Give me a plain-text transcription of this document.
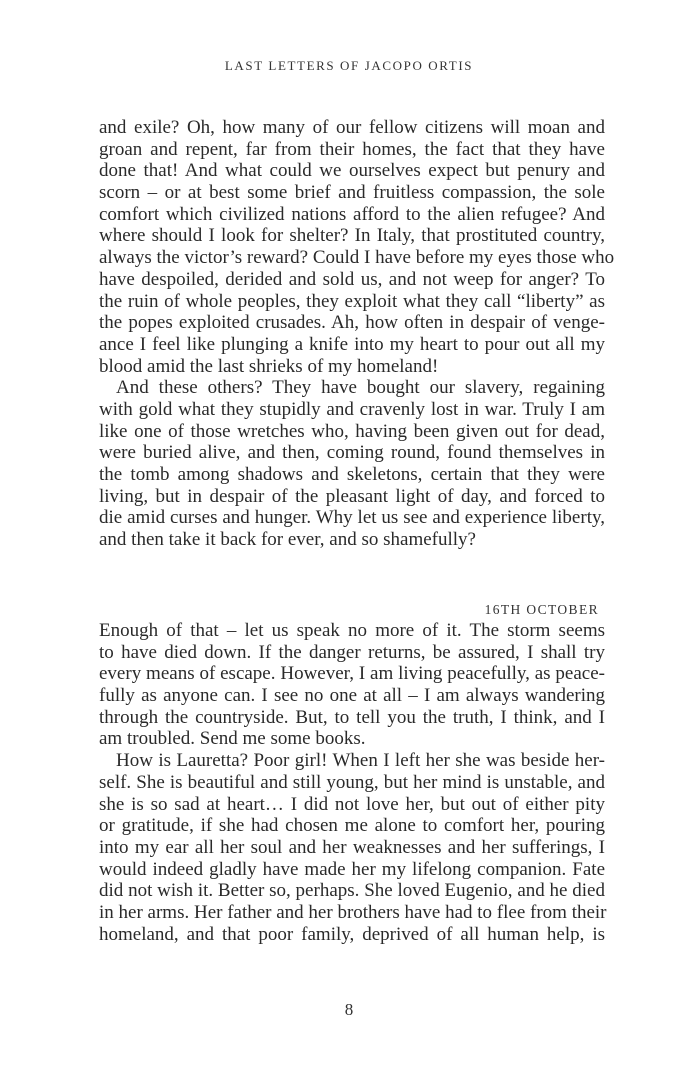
LAST LETTERS OF JACOPO ORTIS
and exile? Oh, how many of our fellow citizens will moan and
groan and repent, far from their homes, the fact that they have
done that! And what could we ourselves expect but penury and
scorn – or at best some brief and fruitless compassion, the sole
comfort which civilized nations afford to the alien refugee? And
where should I look for shelter? In Italy, that prostituted country,
always the victor’s reward? Could I have before my eyes those who
have despoiled, derided and sold us, and not weep for anger? To
the ruin of whole peoples, they exploit what they call “liberty” as
the popes exploited crusades. Ah, how often in despair of venge-
ance I feel like plunging a knife into my heart to pour out all my
blood amid the last shrieks of my homeland!
And these others? They have bought our slavery, regaining
with gold what they stupidly and cravenly lost in war. Truly I am
like one of those wretches who, having been given out for dead,
were buried alive, and then, coming round, found themselves in
the tomb among shadows and skeletons, certain that they were
living, but in despair of the pleasant light of day, and forced to
die amid curses and hunger. Why let us see and experience liberty,
and then take it back for ever, and so shamefully?
16TH OCTOBER
Enough of that – let us speak no more of it. The storm seems
to have died down. If the danger returns, be assured, I shall try
every means of escape. However, I am living peacefully, as peace-
fully as anyone can. I see no one at all – I am always wandering
through the countryside. But, to tell you the truth, I think, and I
am troubled. Send me some books.
How is Lauretta? Poor girl! When I left her she was beside her-
self. She is beautiful and still young, but her mind is unstable, and
she is so sad at heart… I did not love her, but out of either pity
or gratitude, if she had chosen me alone to comfort her, pouring
into my ear all her soul and her weaknesses and her sufferings, I
would indeed gladly have made her my lifelong companion. Fate
did not wish it. Better so, perhaps. She loved Eugenio, and he died
in her arms. Her father and her brothers have had to flee from their
homeland, and that poor family, deprived of all human help, is
8
